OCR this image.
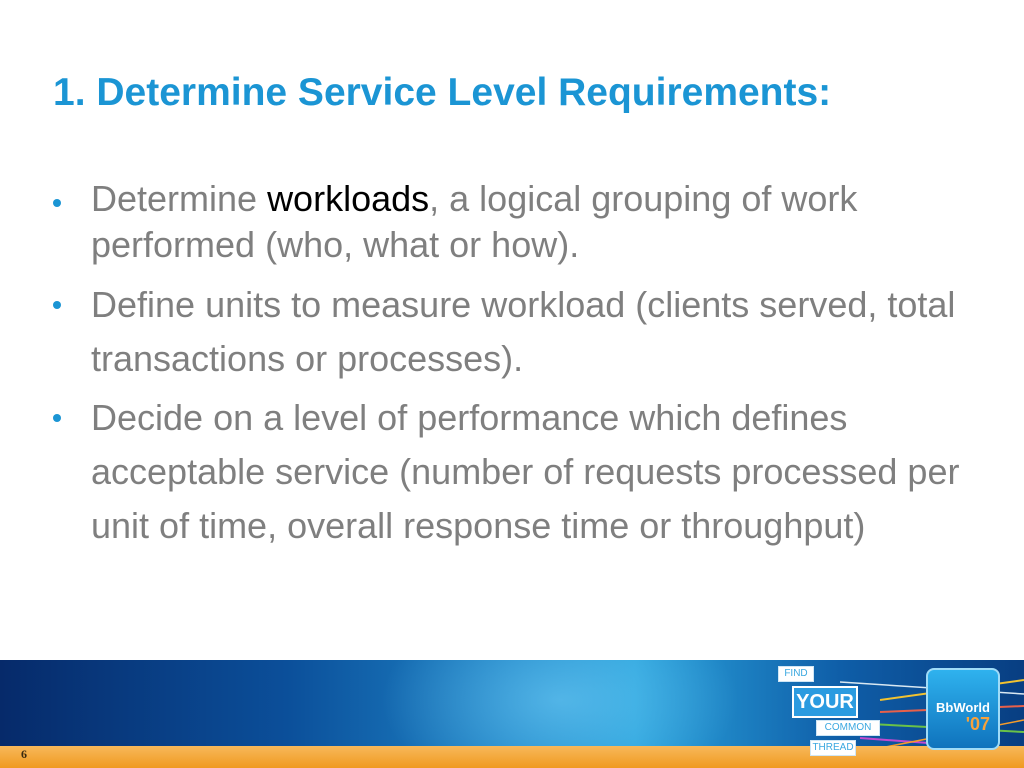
1. Determine Service Level Requirements:
Determine workloads, a logical grouping of work performed (who, what or how).
Define units to measure workload (clients served, total transactions or processes).
Decide on a level of performance which defines acceptable service (number of requests processed per unit of time, overall response time or throughput)
6
FIND
YOUR
COMMON
THREAD
BbWorld
'07
